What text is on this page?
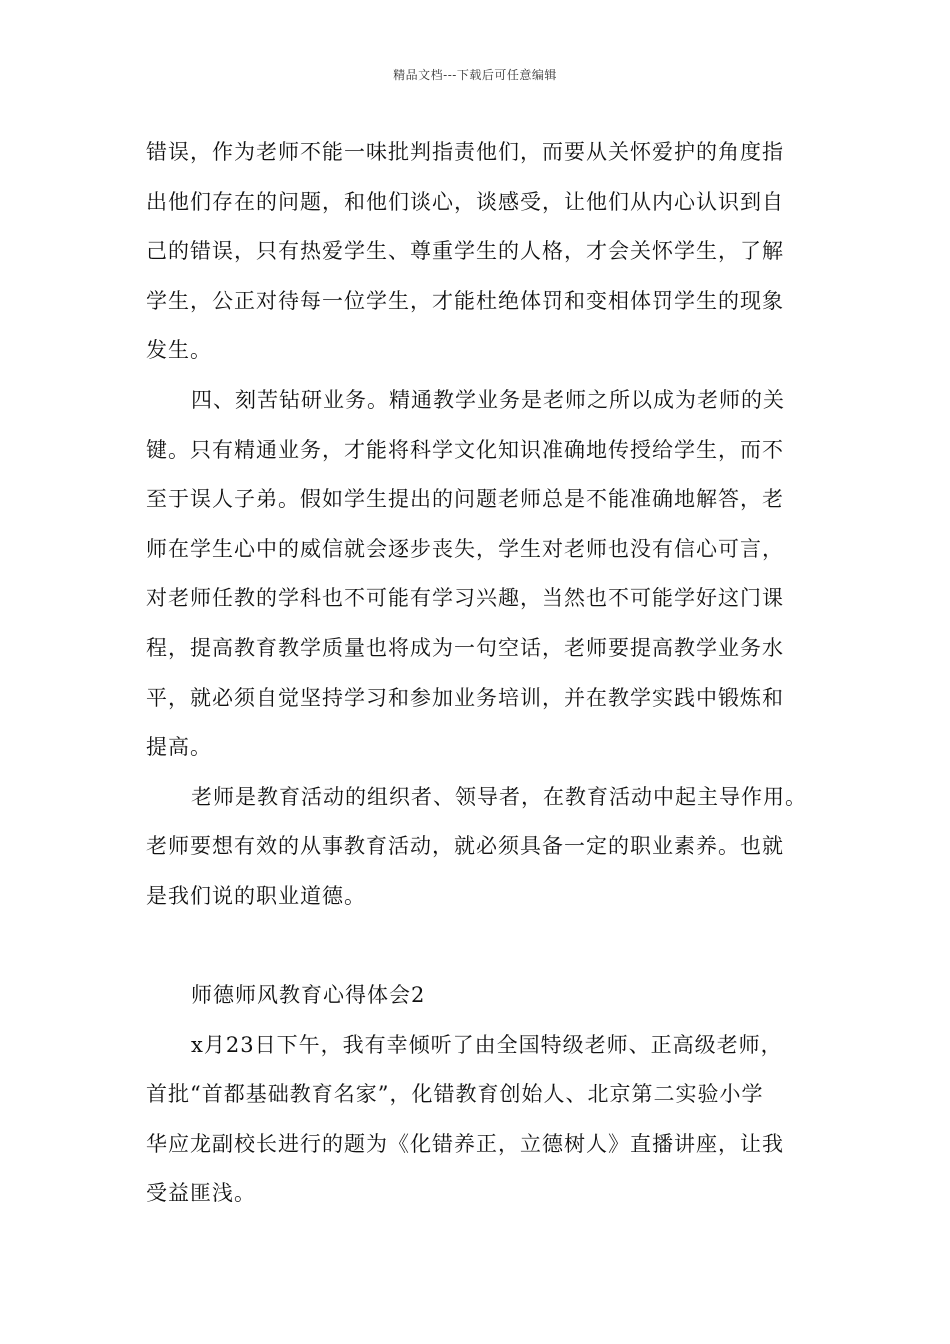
精品文档---下载后可任意编辑

错误，作为老师不能一味批判指责他们，而要从关怀爱护的角度指
出他们存在的问题，和他们谈心，谈感受，让他们从内心认识到自
己的错误，只有热爱学生、尊重学生的人格，才会关怀学生，了解
学生，公正对待每一位学生，才能杜绝体罚和变相体罚学生的现象
发生。

四、刻苦钻研业务。精通教学业务是老师之所以成为老师的关
键。只有精通业务，才能将科学文化知识准确地传授给学生，而不
至于误人子弟。假如学生提出的问题老师总是不能准确地解答，老
师在学生心中的威信就会逐步丧失，学生对老师也没有信心可言，
对老师任教的学科也不可能有学习兴趣，当然也不可能学好这门课
程，提高教育教学质量也将成为一句空话，老师要提高教学业务水
平，就必须自觉坚持学习和参加业务培训，并在教学实践中锻炼和
提高。

老师是教育活动的组织者、领导者，在教育活动中起主导作用。
老师要想有效的从事教育活动，就必须具备一定的职业素养。也就
是我们说的职业道德。

师德师风教育心得体会2

x月23日下午，我有幸倾听了由全国特级老师、正高级老师，
首批“首都基础教育名家”，化错教育创始人、北京第二实验小学
华应龙副校长进行的题为《化错养正，立德树人》直播讲座，让我
受益匪浅。
